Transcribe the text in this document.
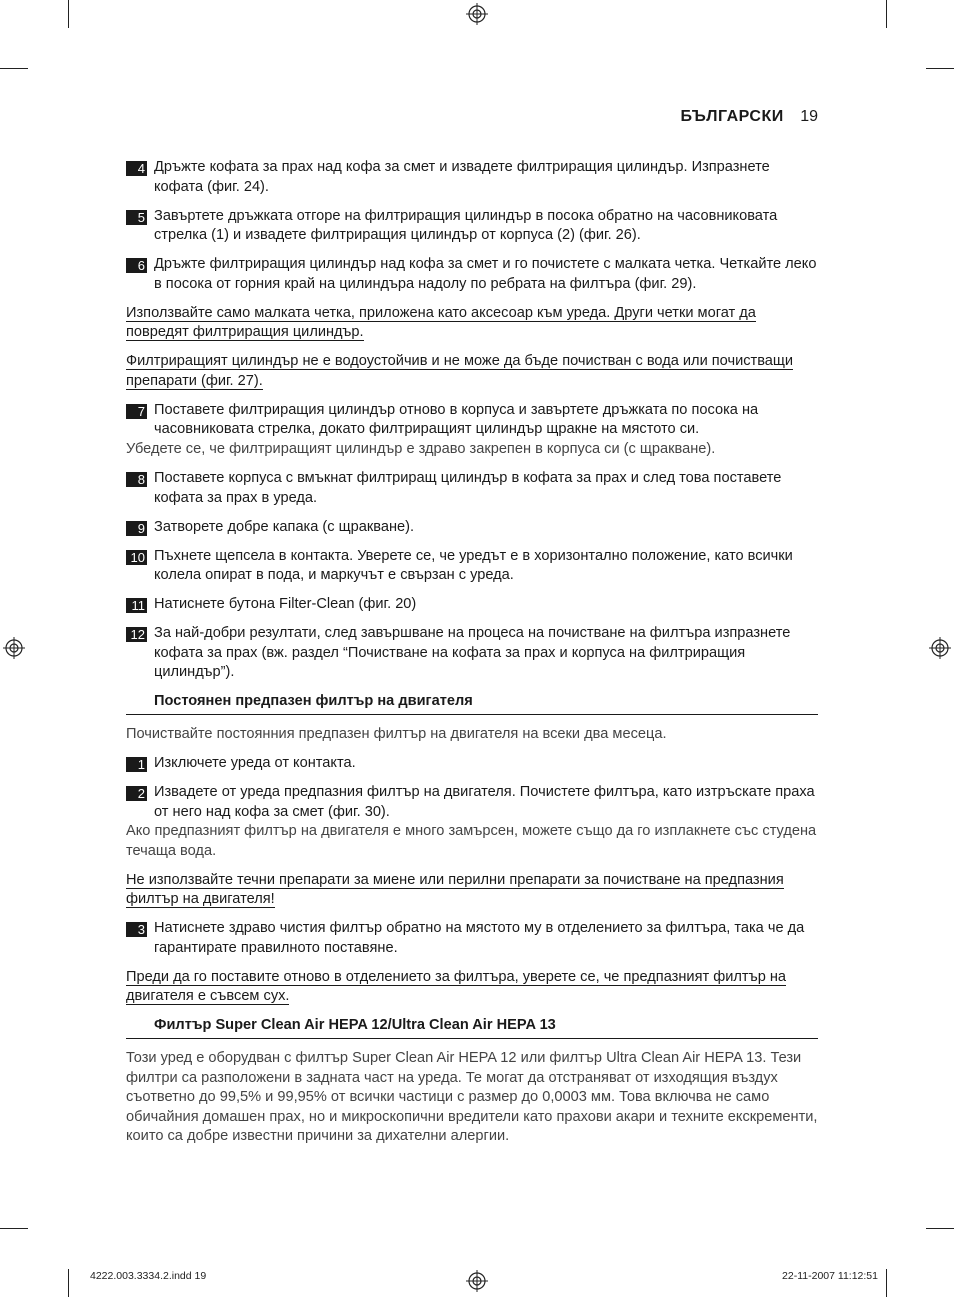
БЪЛГАРСКИ 19
4 Дръжте кофата за прах над кофа за смет и извадете филтриращия цилиндър. Изпразнете кофата (фиг. 24).
5 Завъртете дръжката отгоре на филтриращия цилиндър в посока обратно на часовниковата стрелка (1) и извадете филтриращия цилиндър от корпуса (2) (фиг. 26).
6 Дръжте филтриращия цилиндър над кофа за смет и го почистете с малката четка. Четкайте леко в посока от горния край на цилиндъра надолу по ребрата на филтъра (фиг. 29).
Използвайте само малката четка, приложена като аксесоар към уреда. Други четки могат да повредят филтриращия цилиндър.
Филтриращият цилиндър не е водоустойчив и не може да бъде почистван с вода или почистващи препарати (фиг. 27).
7 Поставете филтриращия цилиндър отново в корпуса и завъртете дръжката по посока на часовниковата стрелка, докато филтриращият цилиндър щракне на мястото си.
Убедете се, че филтриращият цилиндър е здраво закрепен в корпуса си (с щракване).
8 Поставете корпуса с вмъкнат филтриращ цилиндър в кофата за прах и след това поставете кофата за прах в уреда.
9 Затворете добре капака (с щракване).
10 Пъхнете щепсела в контакта. Уверете се, че уредът е в хоризонтално положение, като всички колела опират в пода, и маркучът е свързан с уреда.
11 Натиснете бутона Filter-Clean (фиг. 20)
12 За най-добри резултати, след завършване на процеса на почистване на филтъра изпразнете кофата за прах (вж. раздел “Почистване на кофата за прах и корпуса на филтриращия цилиндър”).
Постоянен предпазен филтър на двигателя
Почиствайте постоянния предпазен филтър на двигателя на всеки два месеца.
1 Изключете уреда от контакта.
2 Извадете от уреда предпазния филтър на двигателя. Почистете филтъра, като изтръскате праха от него над кофа за смет (фиг. 30).
Ако предпазният филтър на двигателя е много замърсен, можете също да го изплакнете със студена течаща вода.
Не използвайте течни препарати за миене или перилни препарати за почистване на предпазния филтър на двигателя!
3 Натиснете здраво чистия филтър обратно на мястото му в отделението за филтъра, така че да гарантирате правилното поставяне.
Преди да го поставите отново в отделението за филтъра, уверете се, че предпазният филтър на двигателя е съвсем сух.
Филтър Super Clean Air HEPA 12/Ultra Clean Air HEPA 13
Този уред е оборудван с филтър Super Clean Air HEPA 12 или филтър Ultra Clean Air HEPA 13. Тези филтри са разположени в задната част на уреда. Те могат да отстраняват от изходящия въздух съответно до 99,5% и 99,95% от всички частици с размер до 0,0003 мм. Това включва не само обичайния домашен прах, но и микроскопични вредители като прахови акари и техните екскременти, които са добре известни причини за дихателни алергии.
4222.003.3334.2.indd 19	22-11-2007 11:12:51
